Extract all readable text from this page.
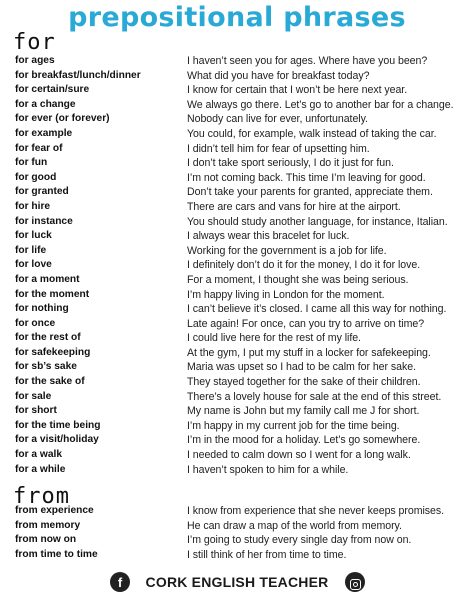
prepositional phrases
for
for ages	I haven’t seen you for ages. Where have you been?
for breakfast/lunch/dinner	What did you have for breakfast today?
for certain/sure	I know for certain that I won’t be here next year.
for a change	We always go there. Let’s go to another bar for a change.
for ever (or forever)	Nobody can live for ever, unfortunately.
for example	You could, for example, walk instead of taking the car.
for fear of	I didn’t tell him for fear of upsetting him.
for fun	I don’t take sport seriously, I do it just for fun.
for good	I’m not coming back. This time I’m leaving for good.
for granted	Don’t take your parents for granted, appreciate them.
for hire	There are cars and vans for hire at the airport.
for instance	You should study another language, for instance, Italian.
for luck	I always wear this bracelet for luck.
for life	Working for the government is a job for life.
for love	I definitely don’t do it for the money, I do it for love.
for a moment	For a moment, I thought she was being serious.
for the moment	I’m happy living in London for the moment.
for nothing	I can’t believe it’s closed. I came all this way for nothing.
for once	Late again! For once, can you try to arrive on time?
for the rest of	I could live here for the rest of my life.
for safekeeping	At the gym, I put my stuff in a locker for safekeeping.
for sb’s sake	Maria was upset so I had to be calm for her sake.
for the sake of	They stayed together for the sake of their children.
for sale	There’s a lovely house for sale at the end of this street.
for short	My name is John but my family call me J for short.
for the time being	I’m happy in my current job for the time being.
for a visit/holiday	I’m in the mood for a holiday. Let’s go somewhere.
for a walk	I needed to calm down so I went for a long walk.
for a while	I haven’t spoken to him for a while.
from
from experience	I know from experience that she never keeps promises.
from memory	He can draw a map of the world from memory.
from now on	I’m going to study every single day from now on.
from time to time	I still think of her from time to time.
f	CORK ENGLISH TEACHER
